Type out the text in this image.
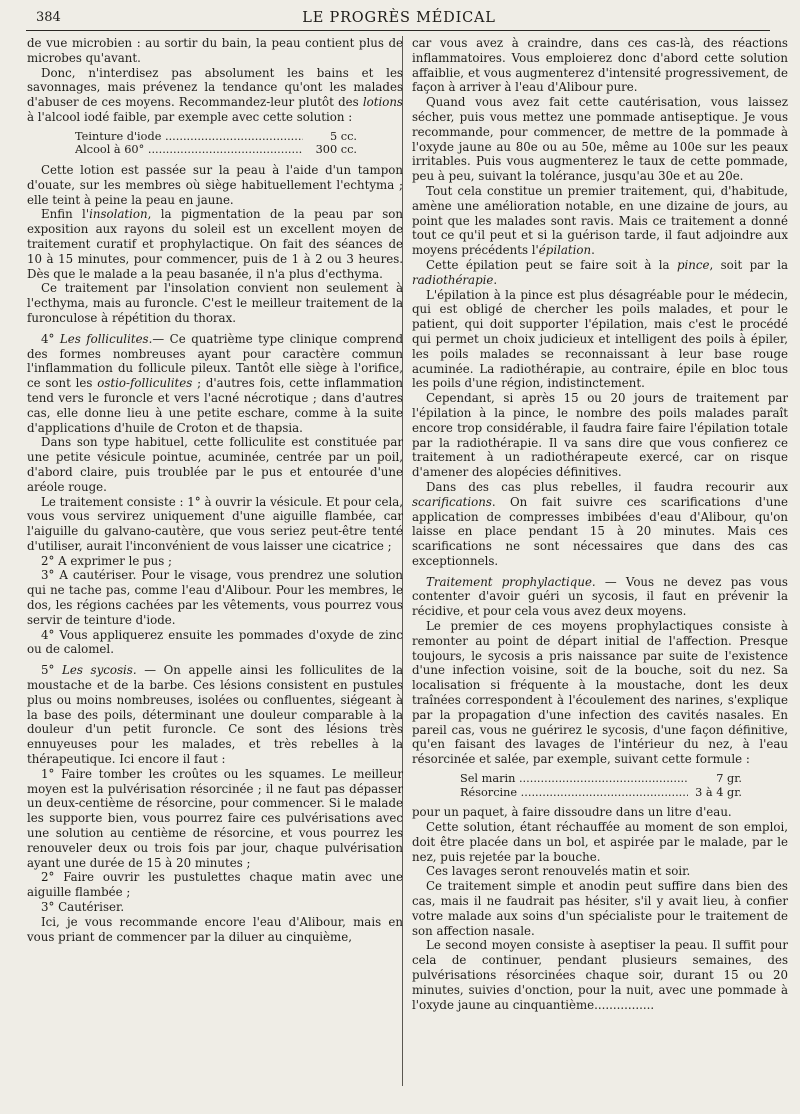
384	LE PROGRÈS MÉDICAL

de vue microbien : au sortir du bain, la peau contient plus de microbes qu'avant.

Donc, n'interdisez pas absolument les bains et les savonnages, mais prévenez la tendance qu'ont les malades d'abuser de ces moyens. Recommandez-leur plutôt des lotions à l'alcool iodé faible, par exemple avec cette solution :

Teinture d'iode .....	5 cc.
Alcool à 60° .....	300 cc.

Cette lotion est passée sur la peau à l'aide d'un tampon d'ouate, sur les membres où siège habituellement l'echtyma ; elle teint à peine la peau en jaune.

Enfin l'insolation, la pigmentation de la peau par son exposition aux rayons du soleil est un excellent moyen de traitement curatif et prophylactique. On fait des séances de 10 à 15 minutes, pour commencer, puis de 1 à 2 ou 3 heures. Dès que le malade a la peau basanée, il n'a plus d'ecthyma.

Ce traitement par l'insolation convient non seulement à l'ecthyma, mais au furoncle. C'est le meilleur traitement de la furonculose à répétition du thorax.

4° Les folliculites.— Ce quatrième type clinique comprend des formes nombreuses ayant pour caractère commun l'inflammation du follicule pileux. Tantôt elle siège à l'orifice, ce sont les ostio-folliculites ; d'autres fois, cette inflammation tend vers le furoncle et vers l'acné nécrotique ; dans d'autres cas, elle donne lieu à une petite eschare, comme à la suite d'applications d'huile de Croton et de thapsia.

Dans son type habituel, cette folliculite est constituée par une petite vésicule pointue, acuminée, centrée par un poil, d'abord claire, puis troublée par le pus et entourée d'une aréole rouge.

Le traitement consiste : 1° à ouvrir la vésicule. Et pour cela, vous vous servirez uniquement d'une aiguille flambée, car l'aiguille du galvano-cautère, que vous seriez peut-être tenté d'utiliser, aurait l'inconvénient de vous laisser une cicatrice ;

2° A exprimer le pus ;

3° A cautériser. Pour le visage, vous prendrez une solution qui ne tache pas, comme l'eau d'Alibour. Pour les membres, le dos, les régions cachées par les vêtements, vous pourrez vous servir de teinture d'iode.

4° Vous appliquerez ensuite les pommades d'oxyde de zinc ou de calomel.

5° Les sycosis. — On appelle ainsi les folliculites de la moustache et de la barbe. Ces lésions consistent en pustules plus ou moins nombreuses, isolées ou confluentes, siégeant à la base des poils, déterminant une douleur comparable à la douleur d'un petit furoncle. Ce sont des lésions très ennuyeuses pour les malades, et très rebelles à la thérapeutique. Ici encore il faut :

1° Faire tomber les croûtes ou les squames. Le meilleur moyen est la pulvérisation résorcinée ; il ne faut pas dépasser un deux-centième de résorcine, pour commencer. Si le malade les supporte bien, vous pourrez faire ces pulvérisations avec une solution au centième de résorcine, et vous pourrez les renouveler deux ou trois fois par jour, chaque pulvérisation ayant une durée de 15 à 20 minutes ;

2° Faire ouvrir les pustulettes chaque matin avec une aiguille flambée ;

3° Cautériser.

Ici, je vous recommande encore l'eau d'Alibour, mais en vous priant de commencer par la diluer au cinquième,

car vous avez à craindre, dans ces cas-là, des réactions inflammatoires. Vous emploierez donc d'abord cette solution affaiblie, et vous augmenterez d'intensité progressivement, de façon à arriver à l'eau d'Alibour pure.

Quand vous avez fait cette cautérisation, vous laissez sécher, puis vous mettez une pommade antiseptique. Je vous recommande, pour commencer, de mettre de la pommade à l'oxyde jaune au 80e ou au 50e, même au 100e sur les peaux irritables. Puis vous augmenterez le taux de cette pommade, peu à peu, suivant la tolérance, jusqu'au 30e et au 20e.

Tout cela constitue un premier traitement, qui, d'habitude, amène une amélioration notable, en une dizaine de jours, au point que les malades sont ravis. Mais ce traitement a donné tout ce qu'il peut et si la guérison tarde, il faut adjoindre aux moyens précédents l'épilation.

Cette épilation peut se faire soit à la pince, soit par la radiothérapie.

L'épilation à la pince est plus désagréable pour le médecin, qui est obligé de chercher les poils malades, et pour le patient, qui doit supporter l'épilation, mais c'est le procédé qui permet un choix judicieux et intelligent des poils à épiler, les poils malades se reconnaissant à leur base rouge acuminée. La radiothérapie, au contraire, épile en bloc tous les poils d'une région, indistinctement.

Cependant, si après 15 ou 20 jours de traitement par l'épilation à la pince, le nombre des poils malades paraît encore trop considérable, il faudra faire faire l'épilation totale par la radiothérapie. Il va sans dire que vous confierez ce traitement à un radiothérapeute exercé, car on risque d'amener des alopécies définitives.

Dans des cas plus rebelles, il faudra recourir aux scarifications. On fait suivre ces scarifications d'une application de compresses imbibées d'eau d'Alibour, qu'on laisse en place pendant 15 à 20 minutes. Mais ces scarifications ne sont nécessaires que dans des cas exceptionnels.

Traitement prophylactique. — Vous ne devez pas vous contenter d'avoir guéri un sycosis, il faut en prévenir la récidive, et pour cela vous avez deux moyens.

Le premier de ces moyens prophylactiques consiste à remonter au point de départ initial de l'affection. Presque toujours, le sycosis a pris naissance par suite de l'existence d'une infection voisine, soit de la bouche, soit du nez. Sa localisation si fréquente à la moustache, dont les deux traînées correspondent à l'écoulement des narines, s'explique par la propagation d'une infection des cavités nasales. En pareil cas, vous ne guérirez le sycosis, d'une façon définitive, qu'en faisant des lavages de l'intérieur du nez, à l'eau résorcinée et salée, par exemple, suivant cette formule :

Sel marin .....	7 gr.
Résorcine .....	3 à 4 gr.

pour un paquet, à faire dissoudre dans un litre d'eau.

Cette solution, étant réchauffée au moment de son emploi, doit être placée dans un bol, et aspirée par le malade, par le nez, puis rejetée par la bouche.

Ces lavages seront renouvelés matin et soir.

Ce traitement simple et anodin peut suffire dans bien des cas, mais il ne faudrait pas hésiter, s'il y avait lieu, à confier votre malade aux soins d'un spécialiste pour le traitement de son affection nasale.

Le second moyen consiste à aseptiser la peau. Il suffit pour cela de continuer, pendant plusieurs semaines, des pulvérisations résorcinées chaque soir, durant 15 ou 20 minutes, suivies d'onction, pour la nuit, avec une pommade à l'oxyde jaune au cinquantième................
